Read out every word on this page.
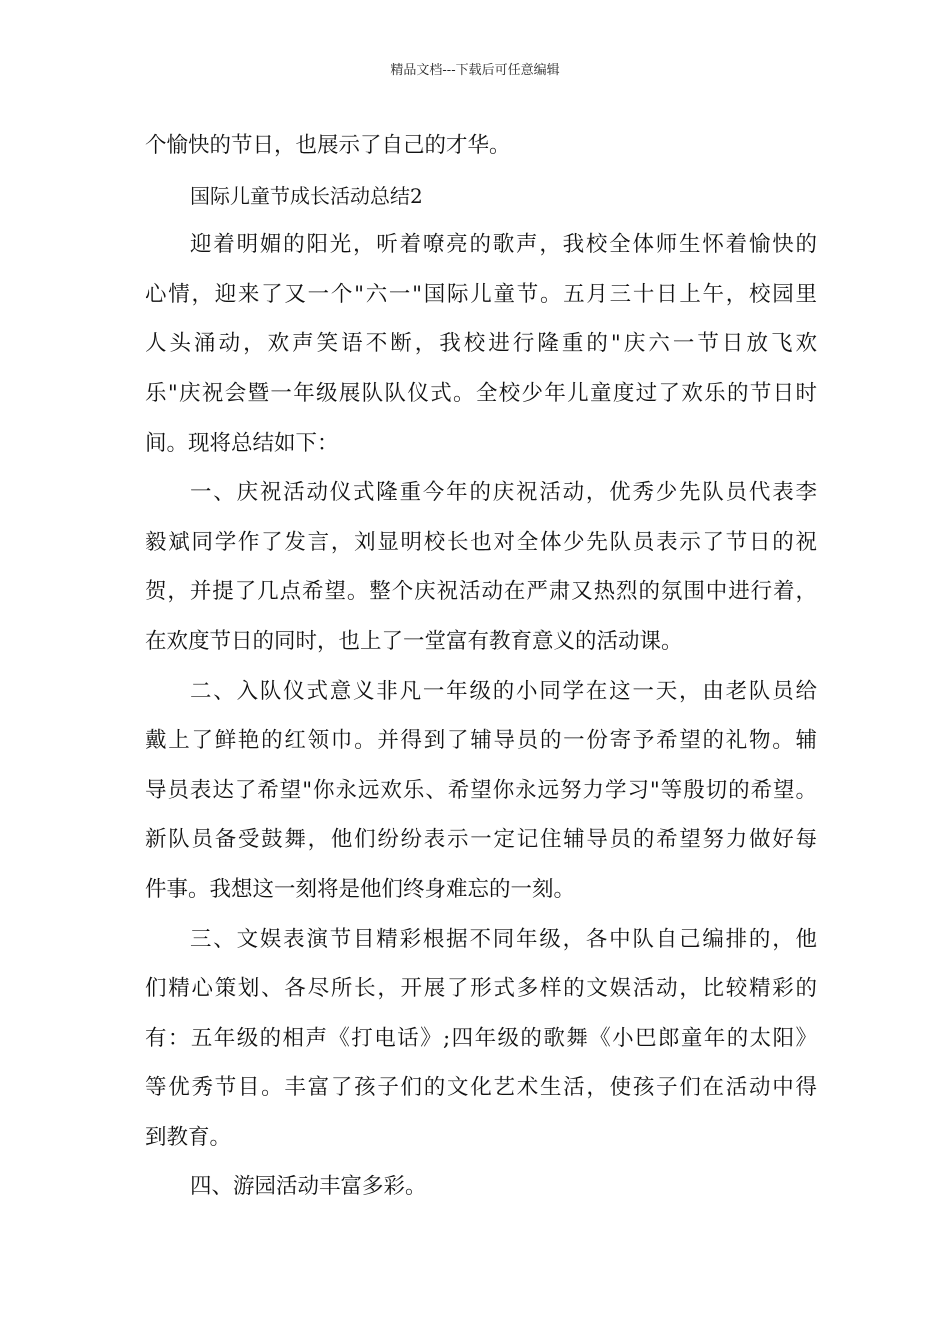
精品文档---下载后可任意编辑
个愉快的节日，也展示了自己的才华。
国际儿童节成长活动总结2
迎着明媚的阳光，听着嘹亮的歌声，我校全体师生怀着愉快的
心情，迎来了又一个"六一"国际儿童节。五月三十日上午，校园里
人头涌动，欢声笑语不断，我校进行隆重的"庆六一节日放飞欢
乐"庆祝会暨一年级展队队仪式。全校少年儿童度过了欢乐的节日时
间。现将总结如下：
一、庆祝活动仪式隆重今年的庆祝活动，优秀少先队员代表李
毅斌同学作了发言，刘显明校长也对全体少先队员表示了节日的祝
贺，并提了几点希望。整个庆祝活动在严肃又热烈的氛围中进行着，
在欢度节日的同时，也上了一堂富有教育意义的活动课。
二、入队仪式意义非凡一年级的小同学在这一天，由老队员给
戴上了鲜艳的红领巾。并得到了辅导员的一份寄予希望的礼物。辅
导员表达了希望"你永远欢乐、希望你永远努力学习"等殷切的希望。
新队员备受鼓舞，他们纷纷表示一定记住辅导员的希望努力做好每
件事。我想这一刻将是他们终身难忘的一刻。
三、文娱表演节目精彩根据不同年级，各中队自己编排的，他
们精心策划、各尽所长，开展了形式多样的文娱活动，比较精彩的
有：五年级的相声《打电话》;四年级的歌舞《小巴郎童年的太阳》
等优秀节目。丰富了孩子们的文化艺术生活，使孩子们在活动中得
到教育。
四、游园活动丰富多彩。
